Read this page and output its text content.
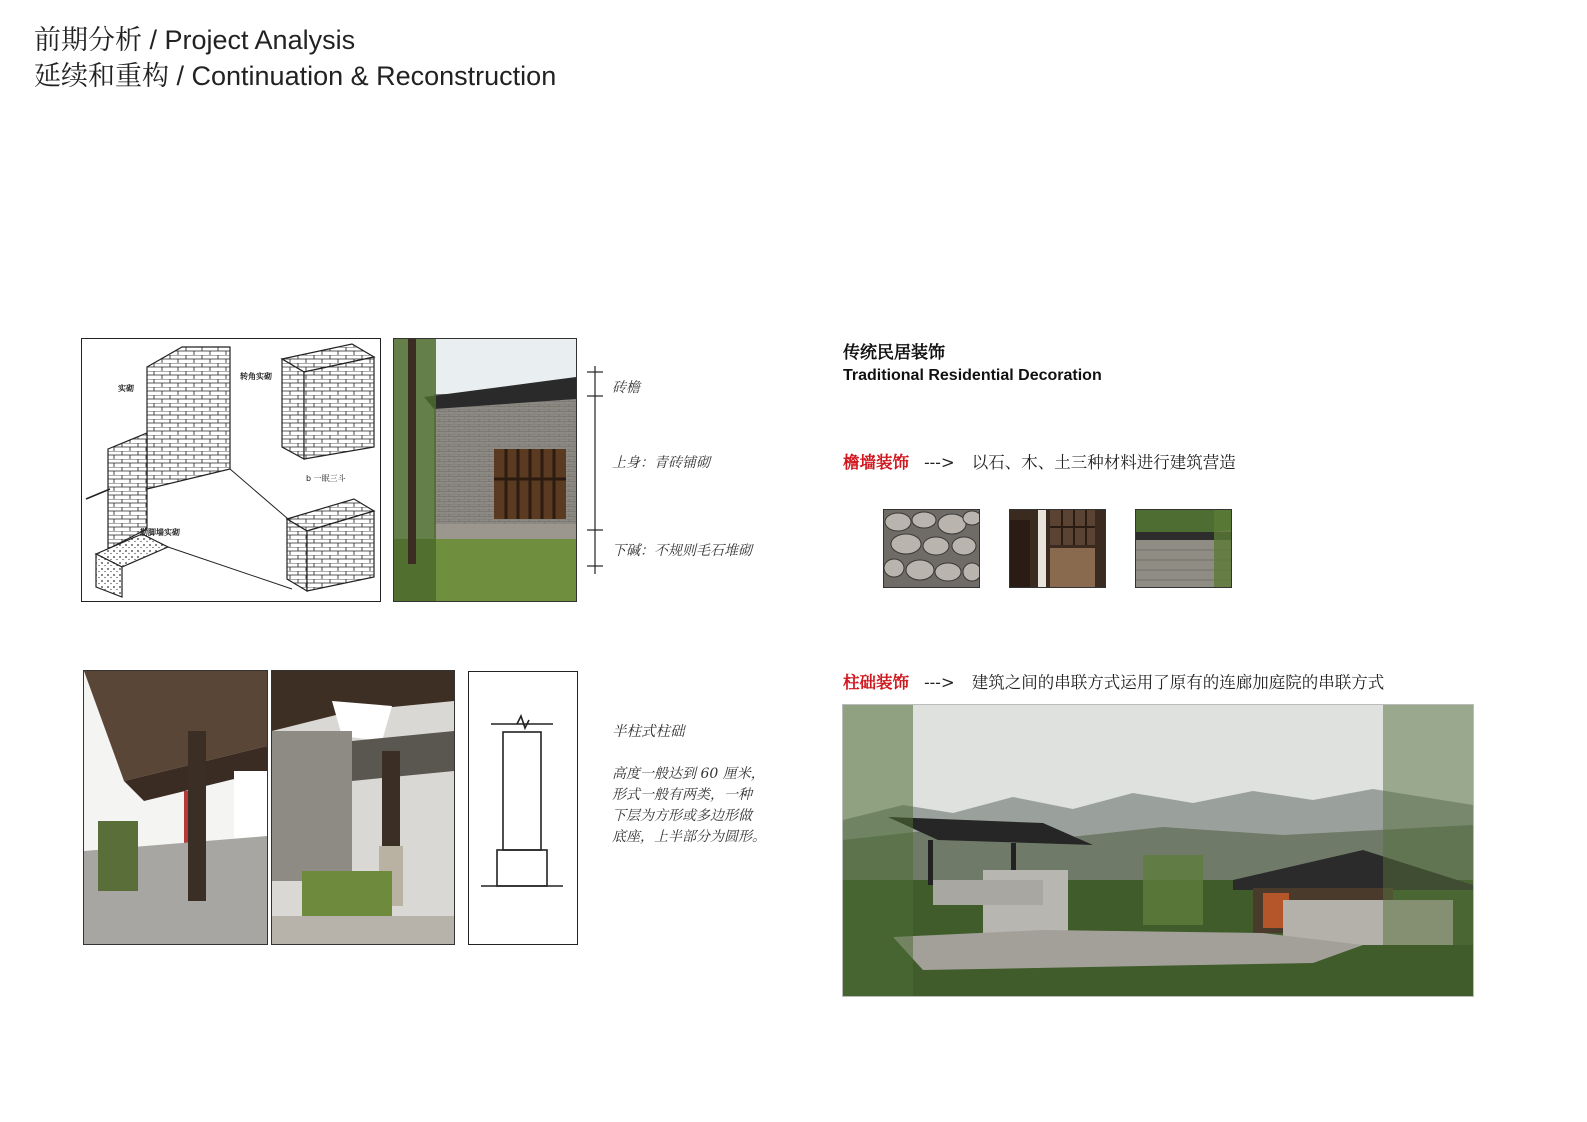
前期分析 / Project Analysis
延续和重构 / Continuation & Reconstruction
实砌
转角实砌
勒脚墙实砌
b 一眠三斗
砖檐
上身：青砖铺砌
下碱：不规则毛石堆砌
半柱式柱础
高度一般达到 60 厘米，
形式一般有两类，一种
下层为方形或多边形做
底座，上半部分为圆形。
传统民居装饰
Traditional Residential Decoration
檐墙装饰 ---> 以石、木、土三种材料进行建筑营造
柱础装饰 ---> 建筑之间的串联方式运用了原有的连廊加庭院的串联方式
